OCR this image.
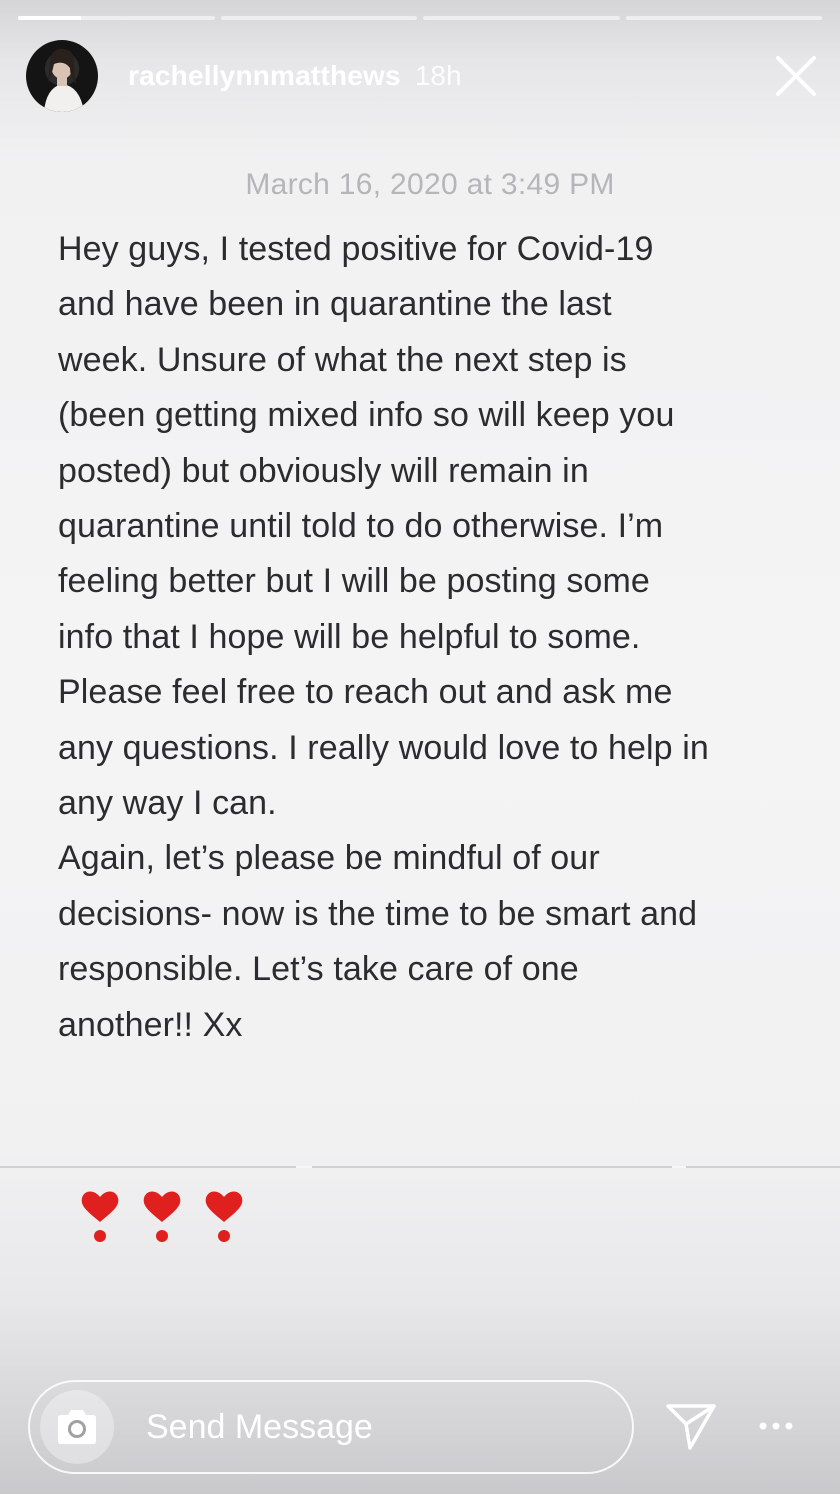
rachellynnmatthews 18h
March 16, 2020 at 3:49 PM
Hey guys, I tested positive for Covid-19
and have been in quarantine the last
week. Unsure of what the next step is
(been getting mixed info so will keep you
posted) but obviously will remain in
quarantine until told to do otherwise. I’m
feeling better but I will be posting some
info that I hope will be helpful to some.
Please feel free to reach out and ask me
any questions. I really would love to help in
any way I can.
Again, let’s please be mindful of our
decisions- now is the time to be smart and
responsible. Let’s take care of one
another!! Xx
Send Message
